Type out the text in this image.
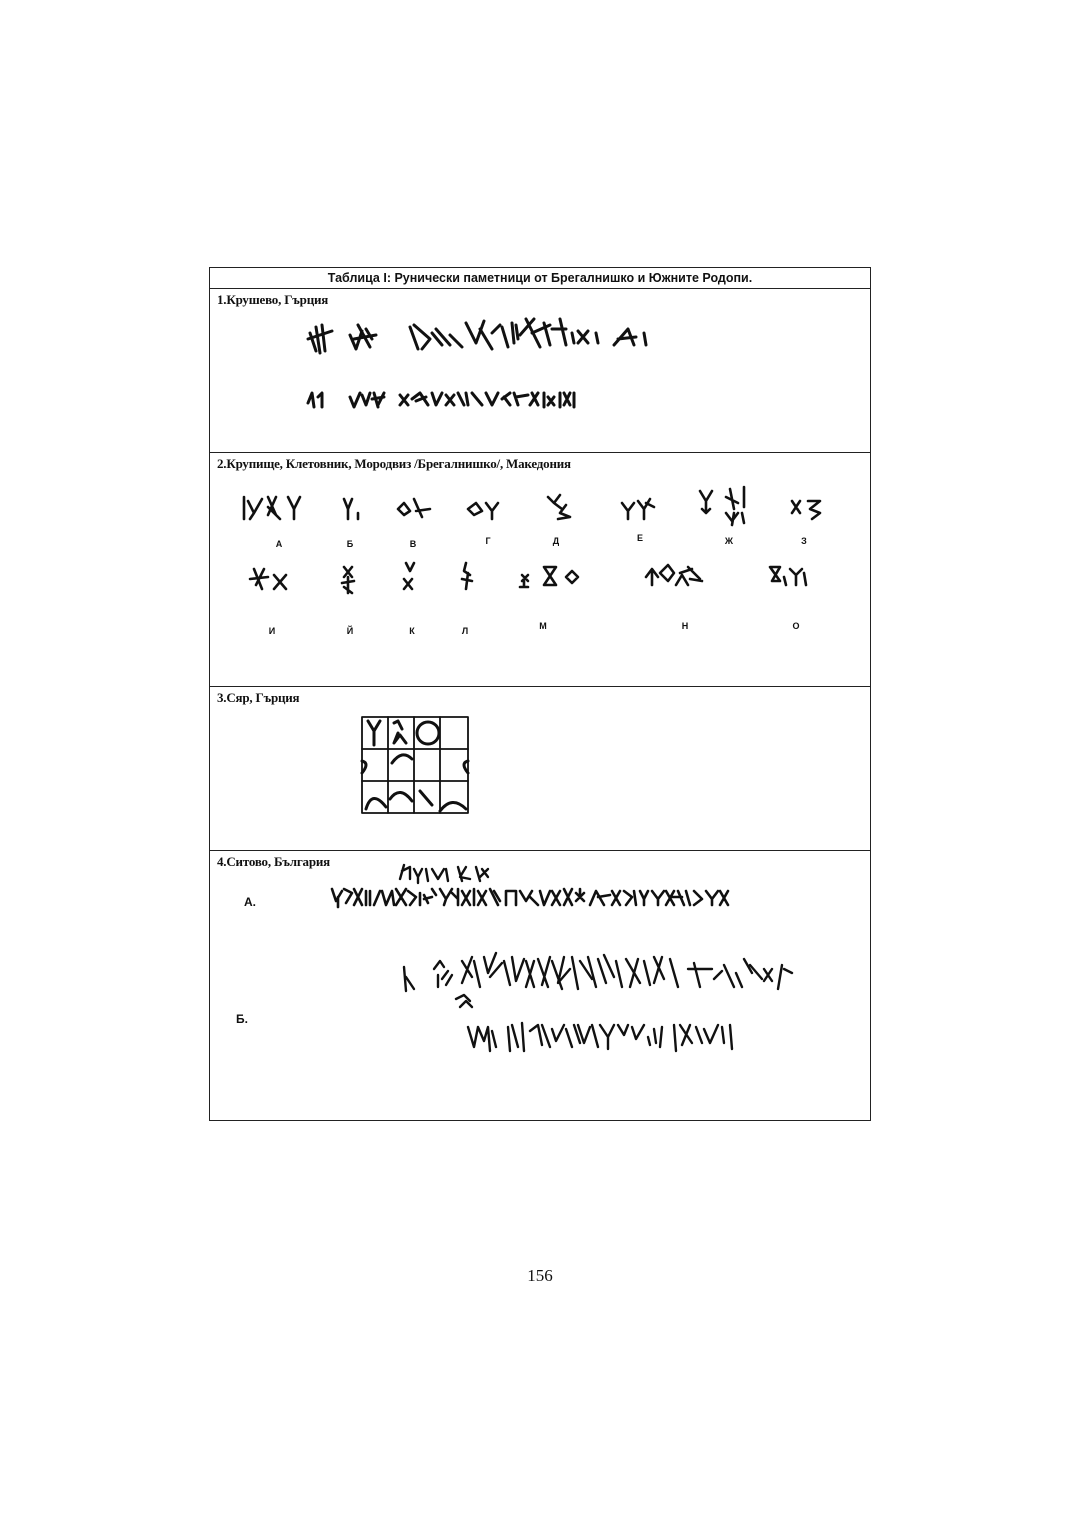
Таблица I: Рунически паметници от Брегалнишко и Южните Родопи.
1.Крушево, Гърция
2.Крупище, Клетовник, Мородвиз /Брегалнишко/, Македония
А	Б	В	Г	Д	Е	Ж	З
И	Й	К	Л	М	Н	О
3.Сяр, Гърция
4.Ситово, България
А.
Б.
156
